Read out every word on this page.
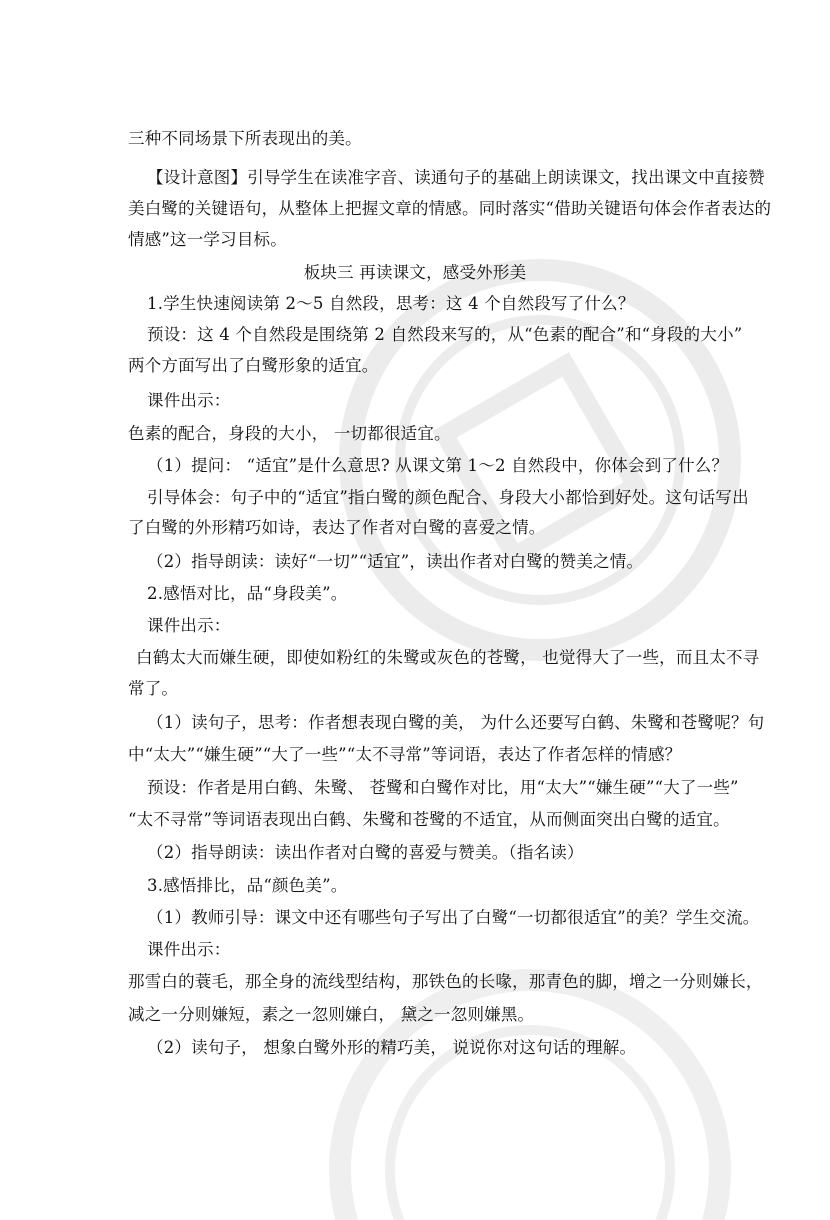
三种不同场景下所表现出的美。
【设计意图】引导学生在读准字音、读通句子的基础上朗读课文，找出课文中直接赞
美白鹭的关键语句，从整体上把握文章的情感。同时落实“借助关键语句体会作者表达的
情感”这一学习目标。
板块三 再读课文，感受外形美
1.学生快速阅读第 2～5 自然段，思考：这 4 个自然段写了什么？
预设：这 4 个自然段是围绕第 2 自然段来写的，从“色素的配合”和“身段的大小”
两个方面写出了白鹭形象的适宜。
课件出示：
色素的配合，身段的大小， 一切都很适宜。
（1）提问： “适宜”是什么意思? 从课文第 1～2 自然段中，你体会到了什么？
引导体会：句子中的“适宜”指白鹭的颜色配合、身段大小都恰到好处。这句话写出
了白鹭的外形精巧如诗，表达了作者对白鹭的喜爱之情。
（2）指导朗读：读好“一切”“适宜”，读出作者对白鹭的赞美之情。
2.感悟对比，品“身段美”。
课件出示：
白鹤太大而嫌生硬，即使如粉红的朱鹭或灰色的苍鹭， 也觉得大了一些，而且太不寻
常了。
（1）读句子，思考：作者想表现白鹭的美， 为什么还要写白鹤、朱鹭和苍鹭呢？句
中“太大”“嫌生硬”“大了一些”“太不寻常”等词语，表达了作者怎样的情感？
预设：作者是用白鹤、朱鹭、 苍鹭和白鹭作对比，用“太大”“嫌生硬”“大了一些”
“太不寻常”等词语表现出白鹤、朱鹭和苍鹭的不适宜，从而侧面突出白鹭的适宜。
（2）指导朗读：读出作者对白鹭的喜爱与赞美。（指名读）
3.感悟排比，品“颜色美”。
（1）教师引导：课文中还有哪些句子写出了白鹭“一切都很适宜”的美？学生交流。
课件出示：
那雪白的蓑毛，那全身的流线型结构，那铁色的长喙，那青色的脚，增之一分则嫌长，
减之一分则嫌短，素之一忽则嫌白， 黛之一忽则嫌黑。
（2）读句子， 想象白鹭外形的精巧美， 说说你对这句话的理解。
